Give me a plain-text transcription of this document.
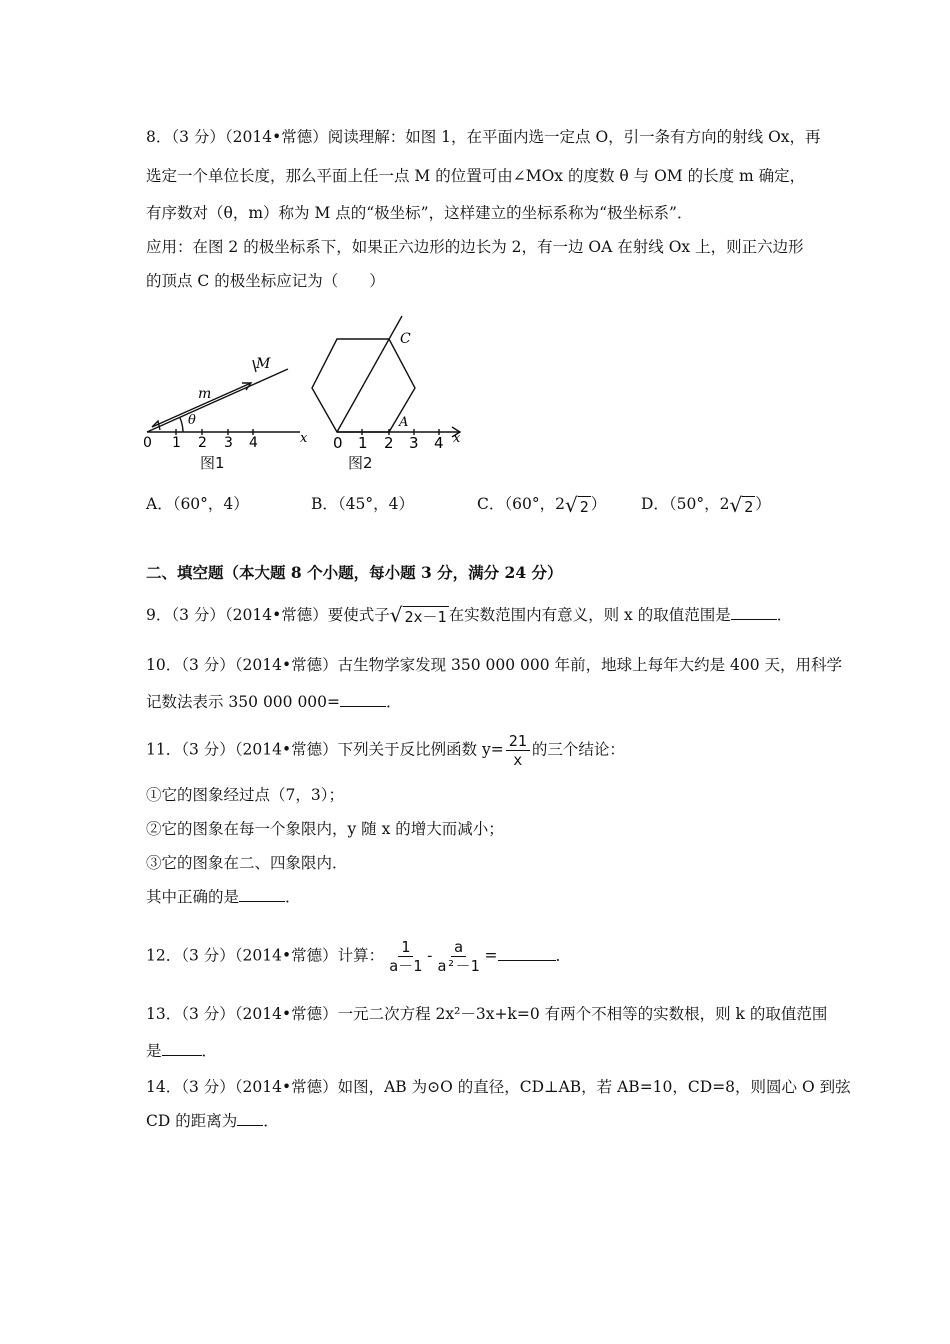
8．（3 分）（2014•常德）阅读理解：如图 1，在平面内选一定点 O，引一条有方向的射线 Ox，再
选定一个单位长度，那么平面上任一点 M 的位置可由∠MOx 的度数 θ 与 OM 的长度 m 确定，
有序数对（θ，m）称为 M 点的“极坐标”，这样建立的坐标系称为“极坐标系”．
应用：在图 2 的极坐标系下，如果正六边形的边长为 2，有一边 OA 在射线 Ox 上，则正六边形
的顶点 C 的极坐标应记为（　　）
M
m
θ
x
0 1 2 3 4
图1
C
A
x
0 1 2 3 4
图2
A．（60°，4）	B．（45°，4）	C．（60°，2√ 2 ） D．（50°，2√ 2 ）
二、填空题（本大题 8 个小题，每小题 3 分，满分 24 分）
9．（3 分）（2014•常德）要使式子√ 2x－1 在实数范围内有意义，则 x 的取值范围是	．
10．（3 分）（2014•常德）古生物学家发现 350 000 000 年前，地球上每年大约是 400 天，用科学
记数法表示 350 000 000=	．
11．（3 分）（2014•常德）下列关于反比例函数 $y= \frac{21}{x}$ 的三个结论：
①它的图象经过点（7，3）；
②它的图象在每一个象限内，y 随 x 的增大而减小；
③它的图象在二、四象限内．
其中正确的是	．
12．（3 分）（2014•常德）计算： $\frac{1}{a-1} - \frac{a}{\text{a²－1}}$ =	．
13．（3 分）（2014•常德）一元二次方程 2x²－3x+k=0 有两个不相等的实数根，则 k 的取值范围
是	．
14．（3 分）（2014•常德）如图，AB 为⊙O 的直径，CD⊥AB，若 AB=10，CD=8，则圆心 O 到弦
CD 的距离为 ．
